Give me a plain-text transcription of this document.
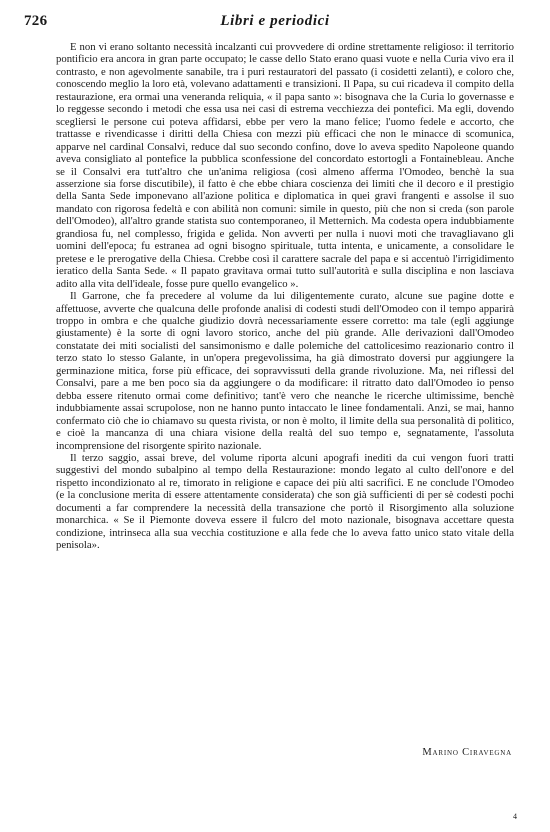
726	Libri e periodici

E non vi erano soltanto necessità incalzanti cui provvedere di ordine strettamente religioso: il territorio pontificio era ancora in gran parte occupato; le casse dello Stato erano quasi vuote e nella Curia vivo era il contrasto, e non agevolmente sanabile, tra i puri restauratori del passato (i cosidetti zelanti), e coloro che, conoscendo meglio la loro età, volevano adattamenti e transizioni. Il Papa, su cui ricadeva il compito della restaurazione, era ormai una veneranda reliquia, « il papa santo »: bisognava che la Curia lo governasse e lo reggesse secondo i metodi che essa usa nei casi di estrema vecchiezza dei pontefici. Ma egli, dovendo scegliersi le persone cui poteva affidarsi, ebbe per vero la mano felice; l'uomo fedele e accorto, che trattasse e rivendicasse i diritti della Chiesa con mezzi più efficaci che non le minacce di scomunica, apparve nel cardinal Consalvi, reduce dal suo secondo confino, dove lo aveva spedito Napoleone quando aveva consigliato al pontefice la pubblica sconfessione del concordato estortogli a Fontainebleau. Anche se il Consalvi era tutt'altro che un'anima religiosa (così almeno afferma l'Omodeo, benchè la sua asserzione sia forse discutibile), il fatto è che ebbe chiara coscienza dei limiti che il decoro e il prestigio della Santa Sede imponevano all'azione politica e diplomatica in quei gravi frangenti e assolse il suo mandato con rigorosa fedeltà e con abilità non comuni: simile in questo, più che non si creda (son parole dell'Omodeo), all'altro grande statista suo contemporaneo, il Metternich. Ma codesta opera indubbiamente grandiosa fu, nel complesso, frigida e gelida. Non avvertì per nulla i nuovi moti che travagliavano gli uomini dell'epoca; fu estranea ad ogni bisogno spirituale, tutta intenta, e unicamente, a consolidare le pretese e le prerogative della Chiesa. Crebbe così il carattere sacrale del papa e si accentuò l'irrigidimento ieratico della Santa Sede. « Il papato gravitava ormai tutto sull'autorità e sulla disciplina e non lasciava adito alla vita dell'ideale, fosse pure quello evangelico ».

Il Garrone, che fa precedere al volume da lui diligentemente curato, alcune sue pagine dotte e affettuose, avverte che qualcuna delle profonde analisi di codesti studi dell'Omodeo con il tempo apparirà troppo in ombra e che qualche giudizio dovrà necessariamente essere corretto: ma tale (egli aggiunge giustamente) è la sorte di ogni lavoro storico, anche del più grande. Alle derivazioni dall'Omodeo constatate dei miti socialisti del sansimonismo e dalle polemiche del cattolicesimo reazionario contro il terzo stato lo stesso Galante, in un'opera pregevolissima, ha già dimostrato doversi pur aggiungere la germinazione mitica, forse più efficace, dei sopravvissuti della grande rivoluzione. Ma, nei riflessi del Consalvi, pare a me ben poco sia da aggiungere o da modificare: il ritratto dato dall'Omodeo io penso debba essere ritenuto ormai come definitivo; tant'è vero che neanche le ricerche ultimissime, benchè indubbiamente assai scrupolose, non ne hanno punto intaccato le linee fondamentali. Anzi, se mai, hanno confermato ciò che io chiamavo su questa rivista, or non è molto, il limite della sua personalità di politico, e cioè la mancanza di una chiara visione della realtà del suo tempo e, segnatamente, l'assoluta incomprensione del risorgente spirito nazionale.

Il terzo saggio, assai breve, del volume riporta alcuni apografi inediti da cui vengon fuori tratti suggestivi del mondo subalpino al tempo della Restaurazione: mondo legato al culto dell'onore e del rispetto incondizionato al re, timorato in religione e capace dei più alti sacrifici. E ne conclude l'Omodeo (e la conclusione merita di essere attentamente considerata) che son già sufficienti di per sè codesti pochi documenti a far comprendere la necessità della transazione che portò il Risorgimento alla soluzione monarchica. « Se il Piemonte doveva essere il fulcro del moto nazionale, bisognava accettare questa condizione, intrinseca alla sua vecchia costituzione e alla fede che lo aveva fatto unico stato vitale della penisola».

Marino Ciravegna
4
